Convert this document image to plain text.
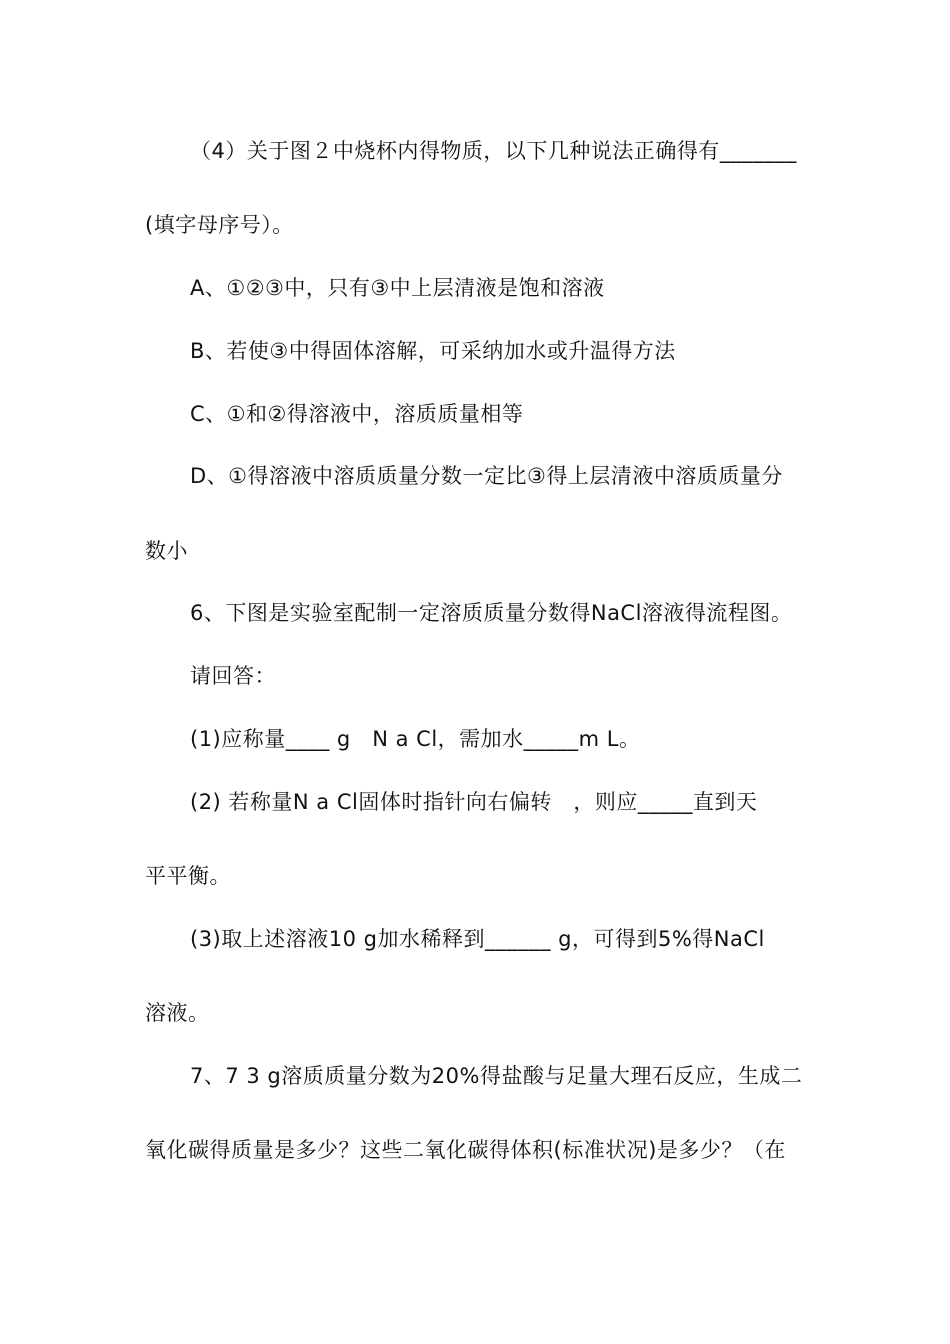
（4）关于图２中烧杯内得物质，以下几种说法正确得有_______
(填字母序号）。
A、①②③中，只有③中上层清液是饱和溶液
B、若使③中得固体溶解，可采纳加水或升温得方法
C、①和②得溶液中，溶质质量相等
D、①得溶液中溶质质量分数一定比③得上层清液中溶质质量分
数小
6、下图是实验室配制一定溶质质量分数得NaCl溶液得流程图。
请回答：
(1)应称量____ g　N a Cl，需加水_____m L。
(2) 若称量N a Cl固体时指针向右偏转　，则应_____直到天
平平衡。
(3)取上述溶液10 g加水稀释到______ g，可得到5%得NaCl
溶液。
7、7 3 g溶质质量分数为20%得盐酸与足量大理石反应，生成二
氧化碳得质量是多少？这些二氧化碳得体积(标准状况)是多少？（在
